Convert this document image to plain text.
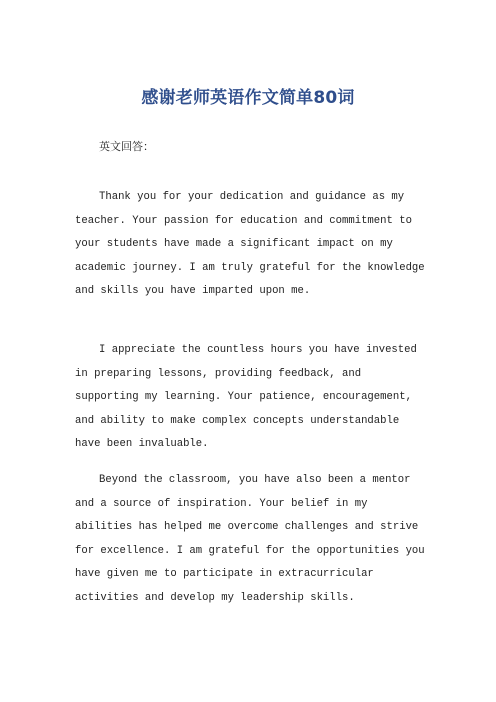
感谢老师英语作文简单80词
英文回答：

Thank you for your dedication and guidance as my teacher. Your passion for education and commitment to your students have made a significant impact on my academic journey. I am truly grateful for the knowledge and skills you have imparted upon me.

I appreciate the countless hours you have invested in preparing lessons, providing feedback, and supporting my learning. Your patience, encouragement, and ability to make complex concepts understandable have been invaluable.

Beyond the classroom, you have also been a mentor and a source of inspiration. Your belief in my abilities has helped me overcome challenges and strive for excellence. I am grateful for the opportunities you have given me to participate in extracurricular activities and develop my leadership skills.
